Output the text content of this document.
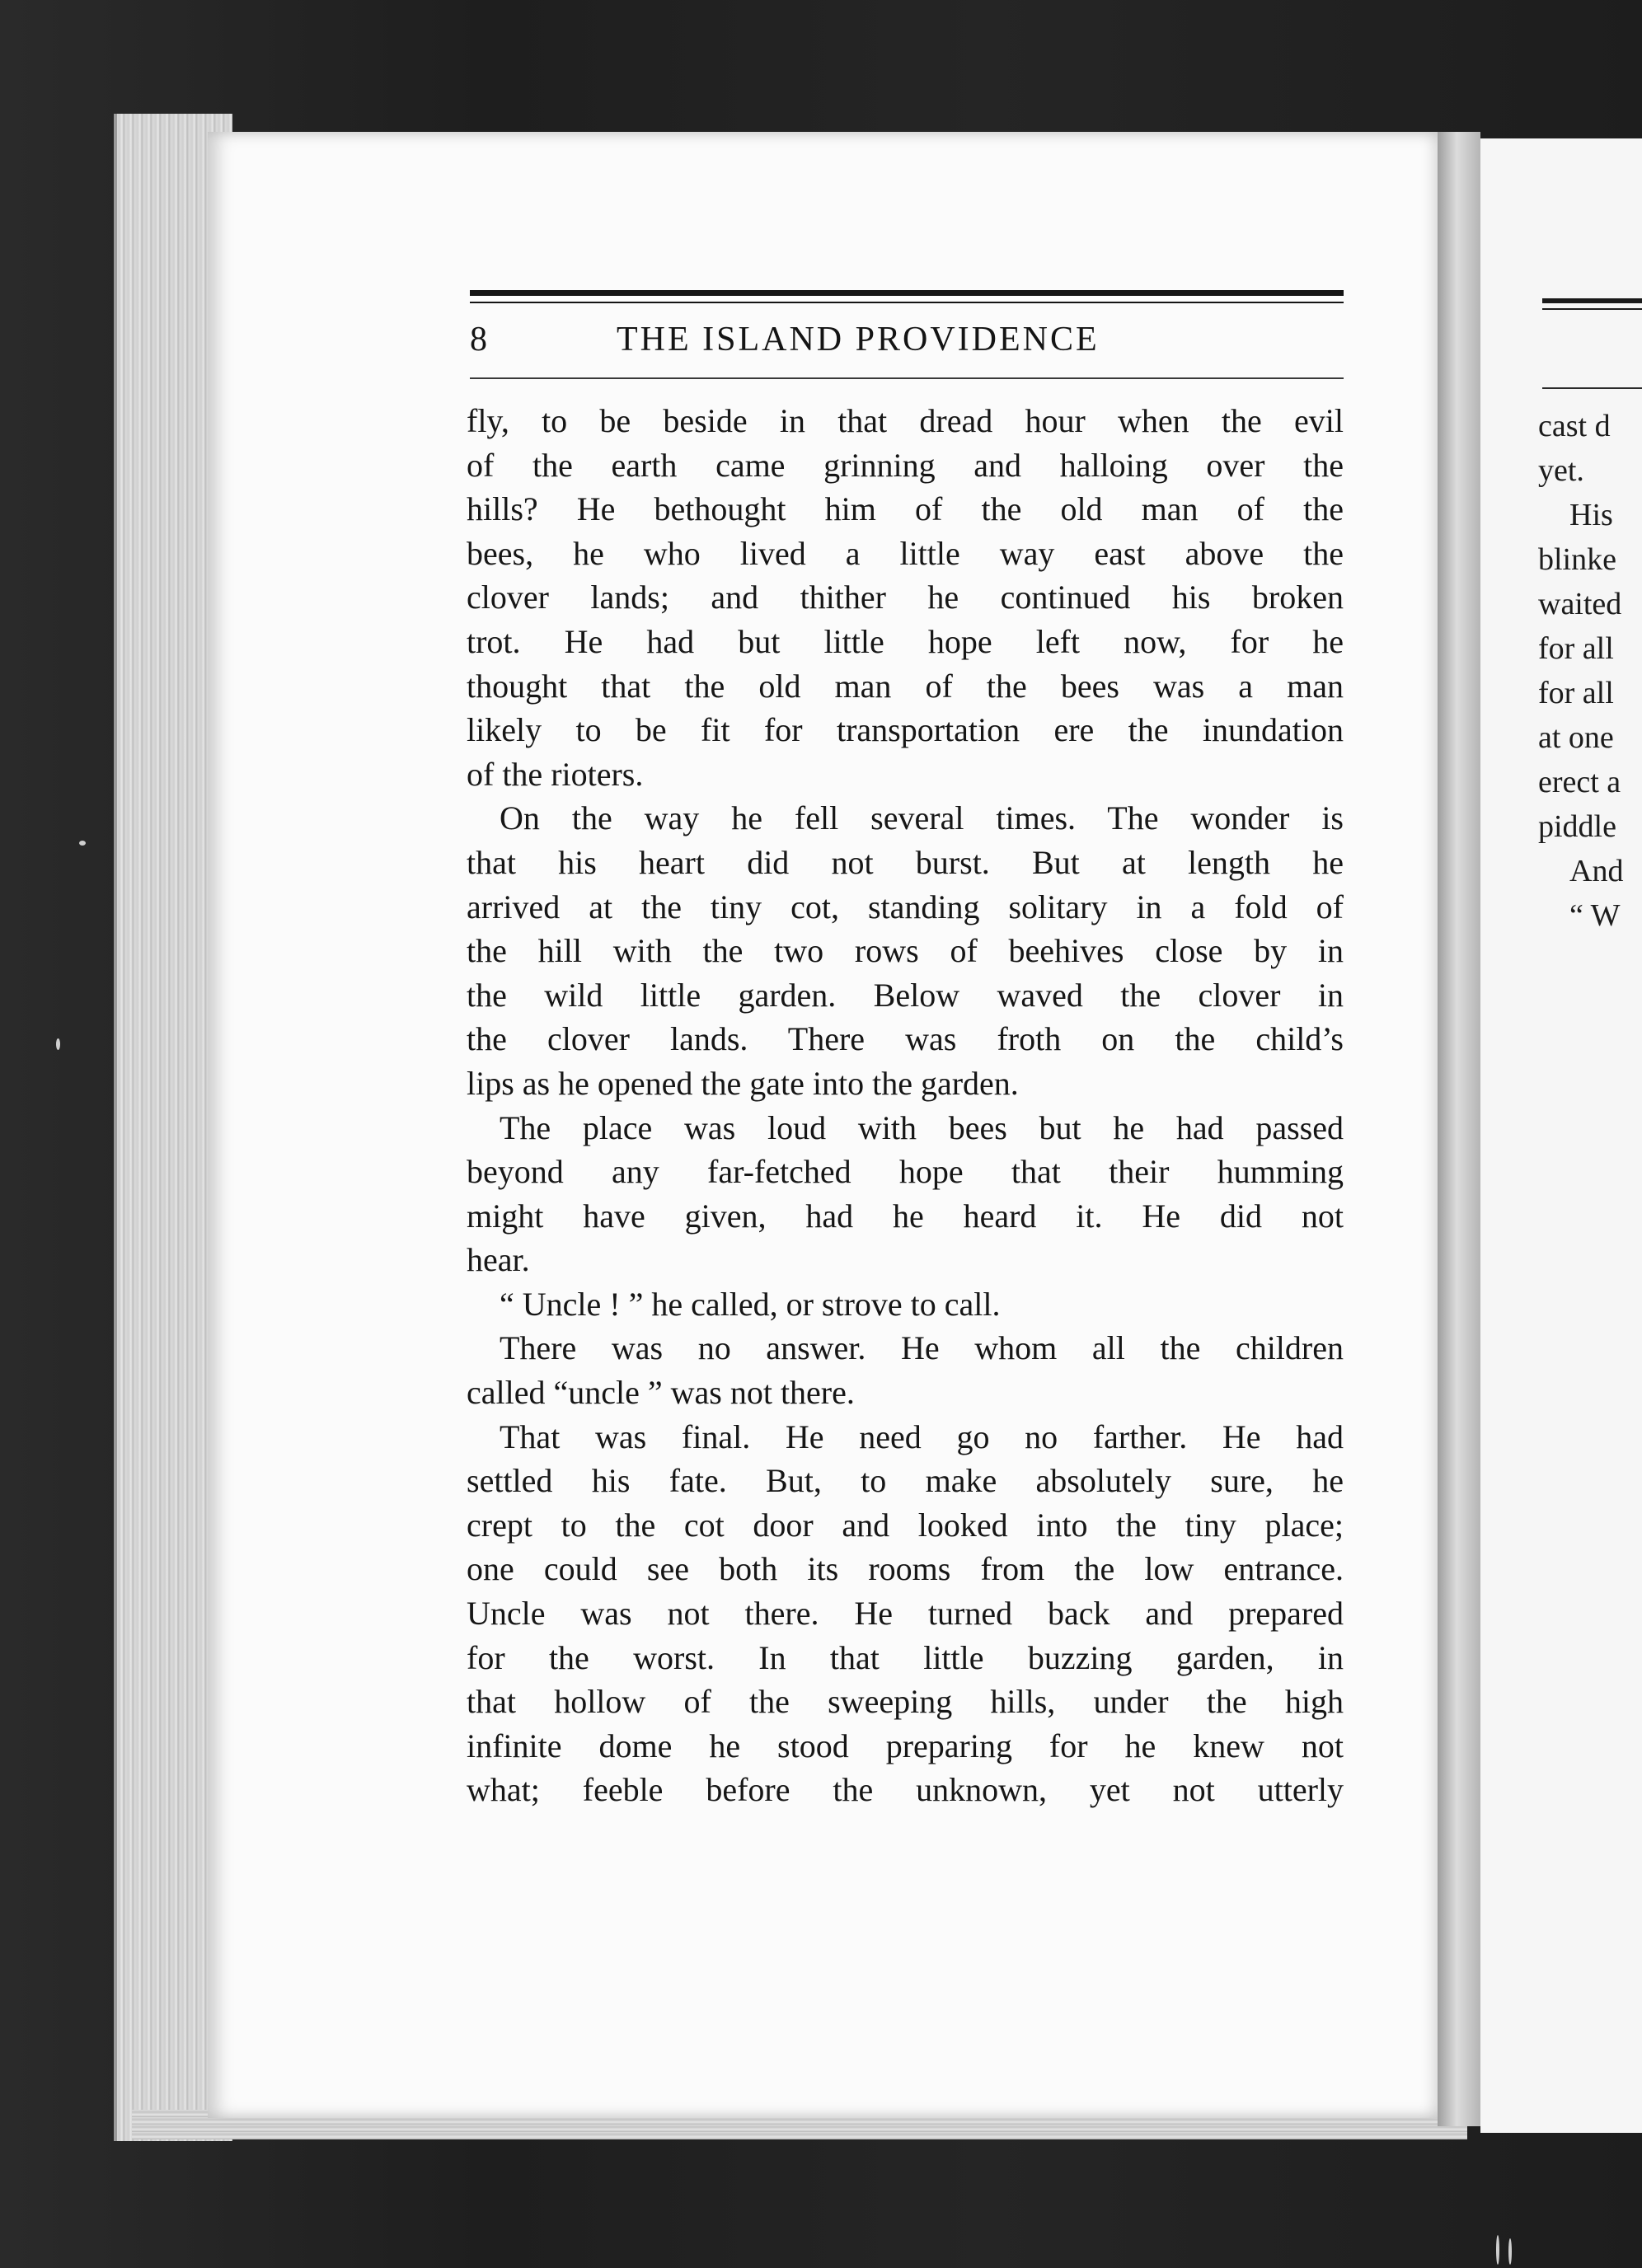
cast d
yet.
His
blinke
waited
for all
for all
at one
erect a
piddle
And
“ W
8	THE ISLAND PROVIDENCE
fly, to be beside in that dread hour when the evil
of the earth came grinning and halloing over the
hills? He bethought him of the old man of the
bees, he who lived a little way east above the
clover lands; and thither he continued his broken
trot. He had but little hope left now, for he
thought that the old man of the bees was a man
likely to be fit for transportation ere the inundation
of the rioters.
On the way he fell several times. The wonder is
that his heart did not burst. But at length he
arrived at the tiny cot, standing solitary in a fold of
the hill with the two rows of beehives close by in
the wild little garden. Below waved the clover in
the clover lands. There was froth on the child’s
lips as he opened the gate into the garden.
The place was loud with bees but he had passed
beyond any far-fetched hope that their humming
might have given, had he heard it. He did not
hear.
“ Uncle ! ” he called, or strove to call.
There was no answer. He whom all the children
called “uncle ” was not there.
That was final. He need go no farther. He had
settled his fate. But, to make absolutely sure, he
crept to the cot door and looked into the tiny place;
one could see both its rooms from the low entrance.
Uncle was not there. He turned back and prepared
for the worst. In that little buzzing garden, in
that hollow of the sweeping hills, under the high
infinite dome he stood preparing for he knew not
what; feeble before the unknown, yet not utterly
